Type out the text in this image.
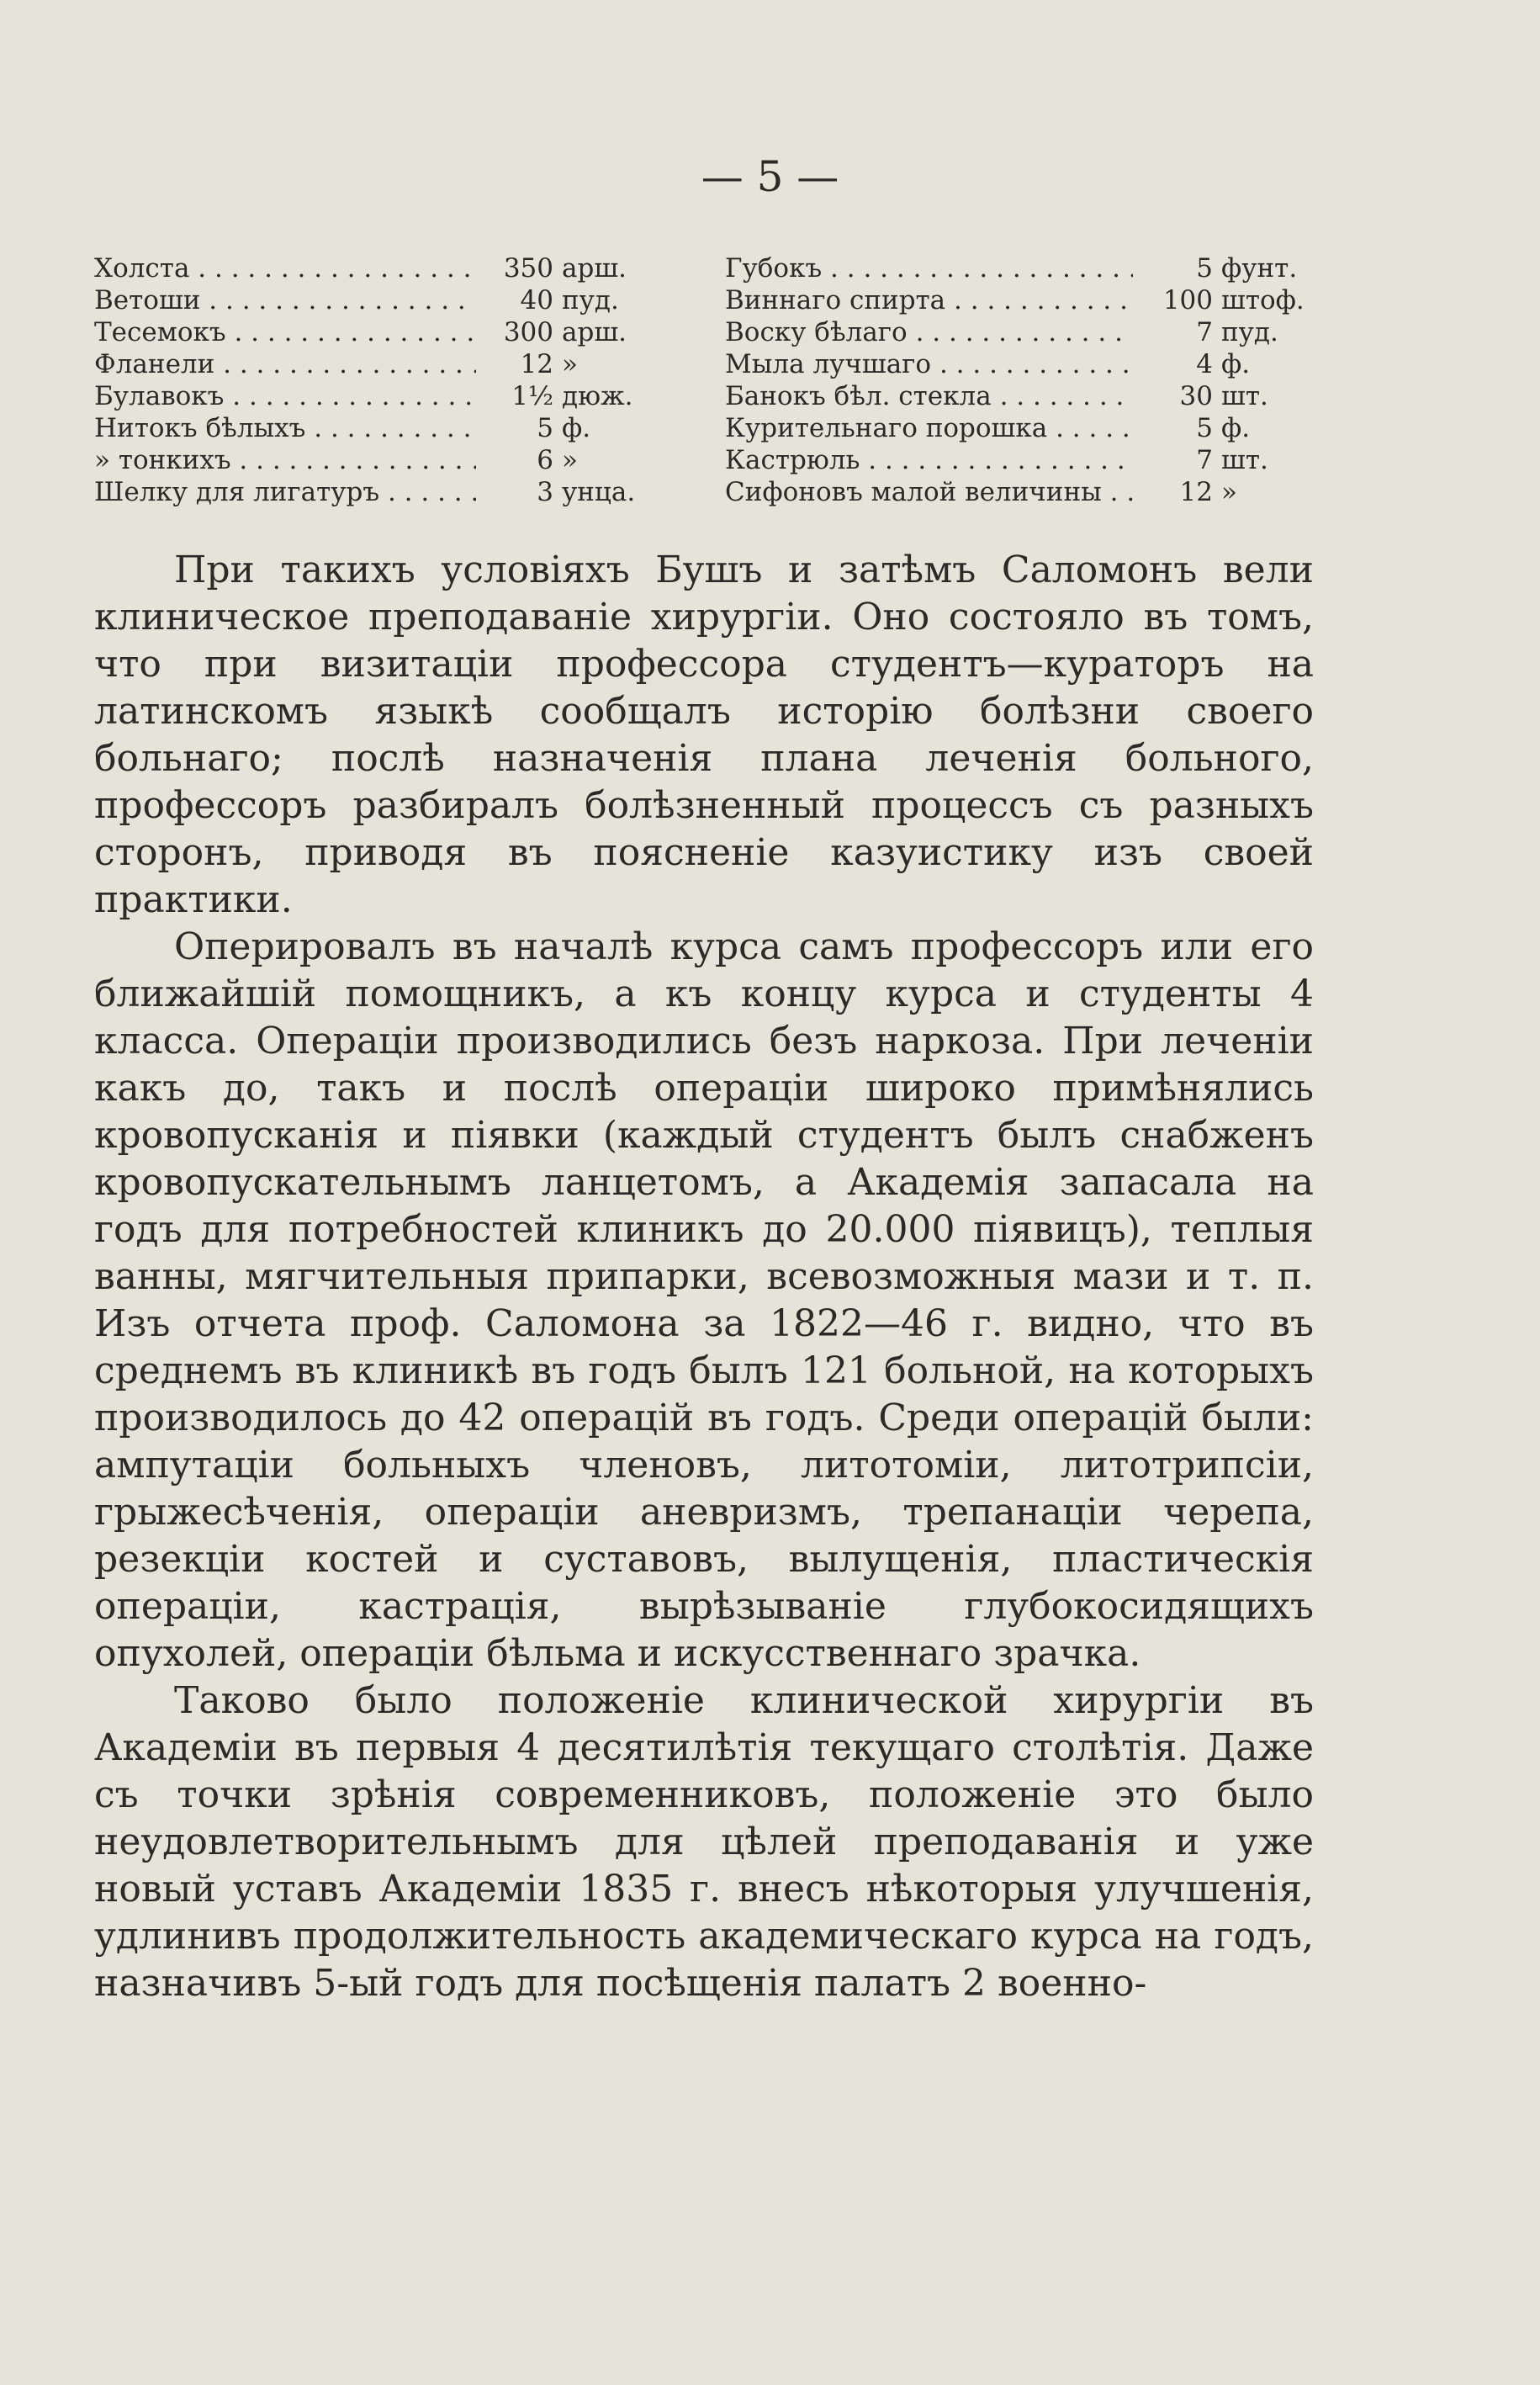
— 5 —
Холста . . .	350 арш.
Ветоши . . .	40 пуд.
Тесемокъ . . .	300 арш.
Фланели . . .	12 »
Булавокъ . . .	1½ дюж.
Нитокъ бѣлыхъ . . .	5 ф.
» тонкихъ . . .	6 »
Шелку для лигатуръ . . .	3 унца.
Губокъ . . .	5 фунт.
Виннаго спирта . . .	100 штоф.
Воску бѣлаго . . .	7 пуд.
Мыла лучшаго . . .	4 ф.
Банокъ бѣл. стекла . . .	30 шт.
Курительнаго порошка . . .	5 ф.
Кастрюль . . .	7 шт.
Сифоновъ малой величины . . .	12 »

При такихъ условіяхъ Бушъ и затѣмъ Саломонъ вели клиническое преподаваніе хирургіи. Оно состояло въ томъ, что при визитаціи профессора студентъ—кураторъ на латинскомъ языкѣ сообщалъ исторію болѣзни своего больнаго; послѣ назначенія плана леченія больного, профессоръ разбиралъ болѣзненный процессъ съ разныхъ сторонъ, приводя въ поясненіе казуистику изъ своей практики.

Оперировалъ въ началѣ курса самъ профессоръ или его ближайшій помощникъ, а къ концу курса и студенты 4 класса. Операціи производились безъ наркоза. При леченіи какъ до, такъ и послѣ операціи широко примѣнялись кровопусканія и піявки (каждый студентъ былъ снабженъ кровопускательнымъ ланцетомъ, а Академія запасала на годъ для потребностей клиникъ до 20.000 піявицъ), теплыя ванны, мягчительныя припарки, всевозможныя мази и т. п. Изъ отчета проф. Саломона за 1822—46 г. видно, что въ среднемъ въ клиникѣ въ годъ былъ 121 больной, на которыхъ производилось до 42 операцій въ годъ. Среди операцій были: ампутаціи больныхъ членовъ, литотоміи, литотрипсіи, грыжесѣченія, операціи аневризмъ, трепанаціи черепа, резекціи костей и суставовъ, вылущенія, пластическія операціи, кастрація, вырѣзываніе глубокосидящихъ опухолей, операціи бѣльма и искусственнаго зрачка.

Таково было положеніе клинической хирургіи въ Академіи въ первыя 4 десятилѣтія текущаго столѣтія. Даже съ точки зрѣнія современниковъ, положеніе это было неудовлетворительнымъ для цѣлей преподаванія и уже новый уставъ Академіи 1835 г. внесъ нѣкоторыя улучшенія, удлинивъ продолжительность академическаго курса на годъ, назначивъ 5-ый годъ для посѣщенія палатъ 2 военно-
